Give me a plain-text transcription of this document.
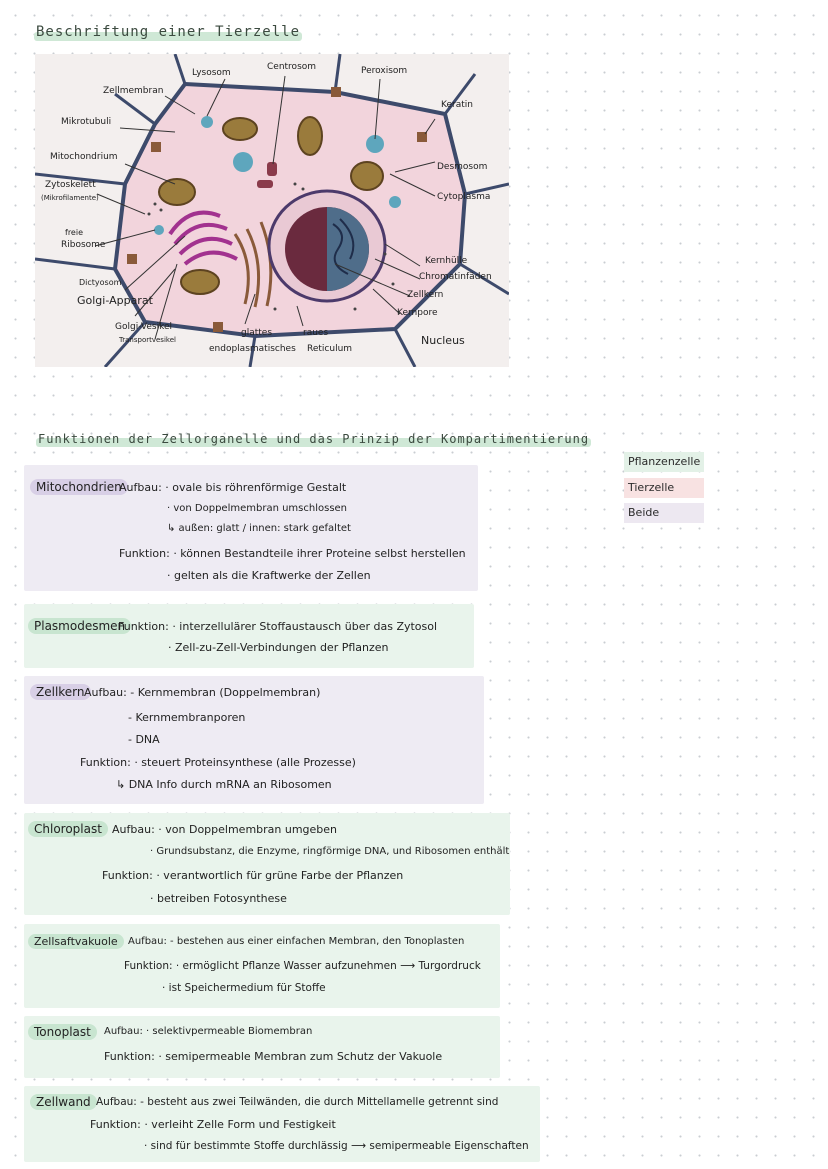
Beschriftung einer Tierzelle
Lysosom
Centrosom	Peroxisom
Zellmembran
Keratin
Mikrotubuli
Mitochondrium
Desmosom
Zytoskelett
(Mikrofilamente)	Cytoplasma
freie
Ribosome
Kernhülle
Chromatinfäden
Dictyosom
Zellkern
Golgi-Apparat
Kernpore
Golgi-Vesikel
Transportvesikel
glattes	raues
endoplasmatisches Reticulum
Nucleus
Funktionen der Zellorganelle und das Prinzip der Kompartimentierung
Pflanzenzelle
Tierzelle
Beide
Mitochondrien
Aufbau: · ovale bis röhrenförmige Gestalt
· von Doppelmembran umschlossen
↳ außen: glatt / innen: stark gefaltet
Funktion: · können Bestandteile ihrer Proteine selbst herstellen
· gelten als die Kraftwerke der Zellen
Plasmodesmen
Funktion: · interzellulärer Stoffaustausch über das Zytosol
· Zell-zu-Zell-Verbindungen der Pflanzen
Zellkern Aufbau: - Kernmembran (Doppelmembran)
- Kernmembranporen
- DNA
Funktion: · steuert Proteinsynthese (alle Prozesse)
↳ DNA Info durch mRNA an Ribosomen
Chloroplast Aufbau: · von Doppelmembran umgeben
· Grundsubstanz, die Enzyme, ringförmige DNA, und Ribosomen enthält
Funktion: · verantwortlich für grüne Farbe der Pflanzen
· betreiben Fotosynthese
Zellsaftvakuole	Aufbau: - bestehen aus einer einfachen Membran, den Tonoplasten
Funktion: · ermöglicht Pflanze Wasser aufzunehmen ⟶ Turgordruck
· ist Speichermedium für Stoffe
Tonoplast	Aufbau: · selektivpermeable Biomembran
Funktion: · semipermeable Membran zum Schutz der Vakuole
Zellwand Aufbau: - besteht aus zwei Teilwänden, die durch Mittellamelle getrennt sind
Funktion: · verleiht Zelle Form und Festigkeit
· sind für bestimmte Stoffe durchlässig ⟶ semipermeable Eigenschaften
